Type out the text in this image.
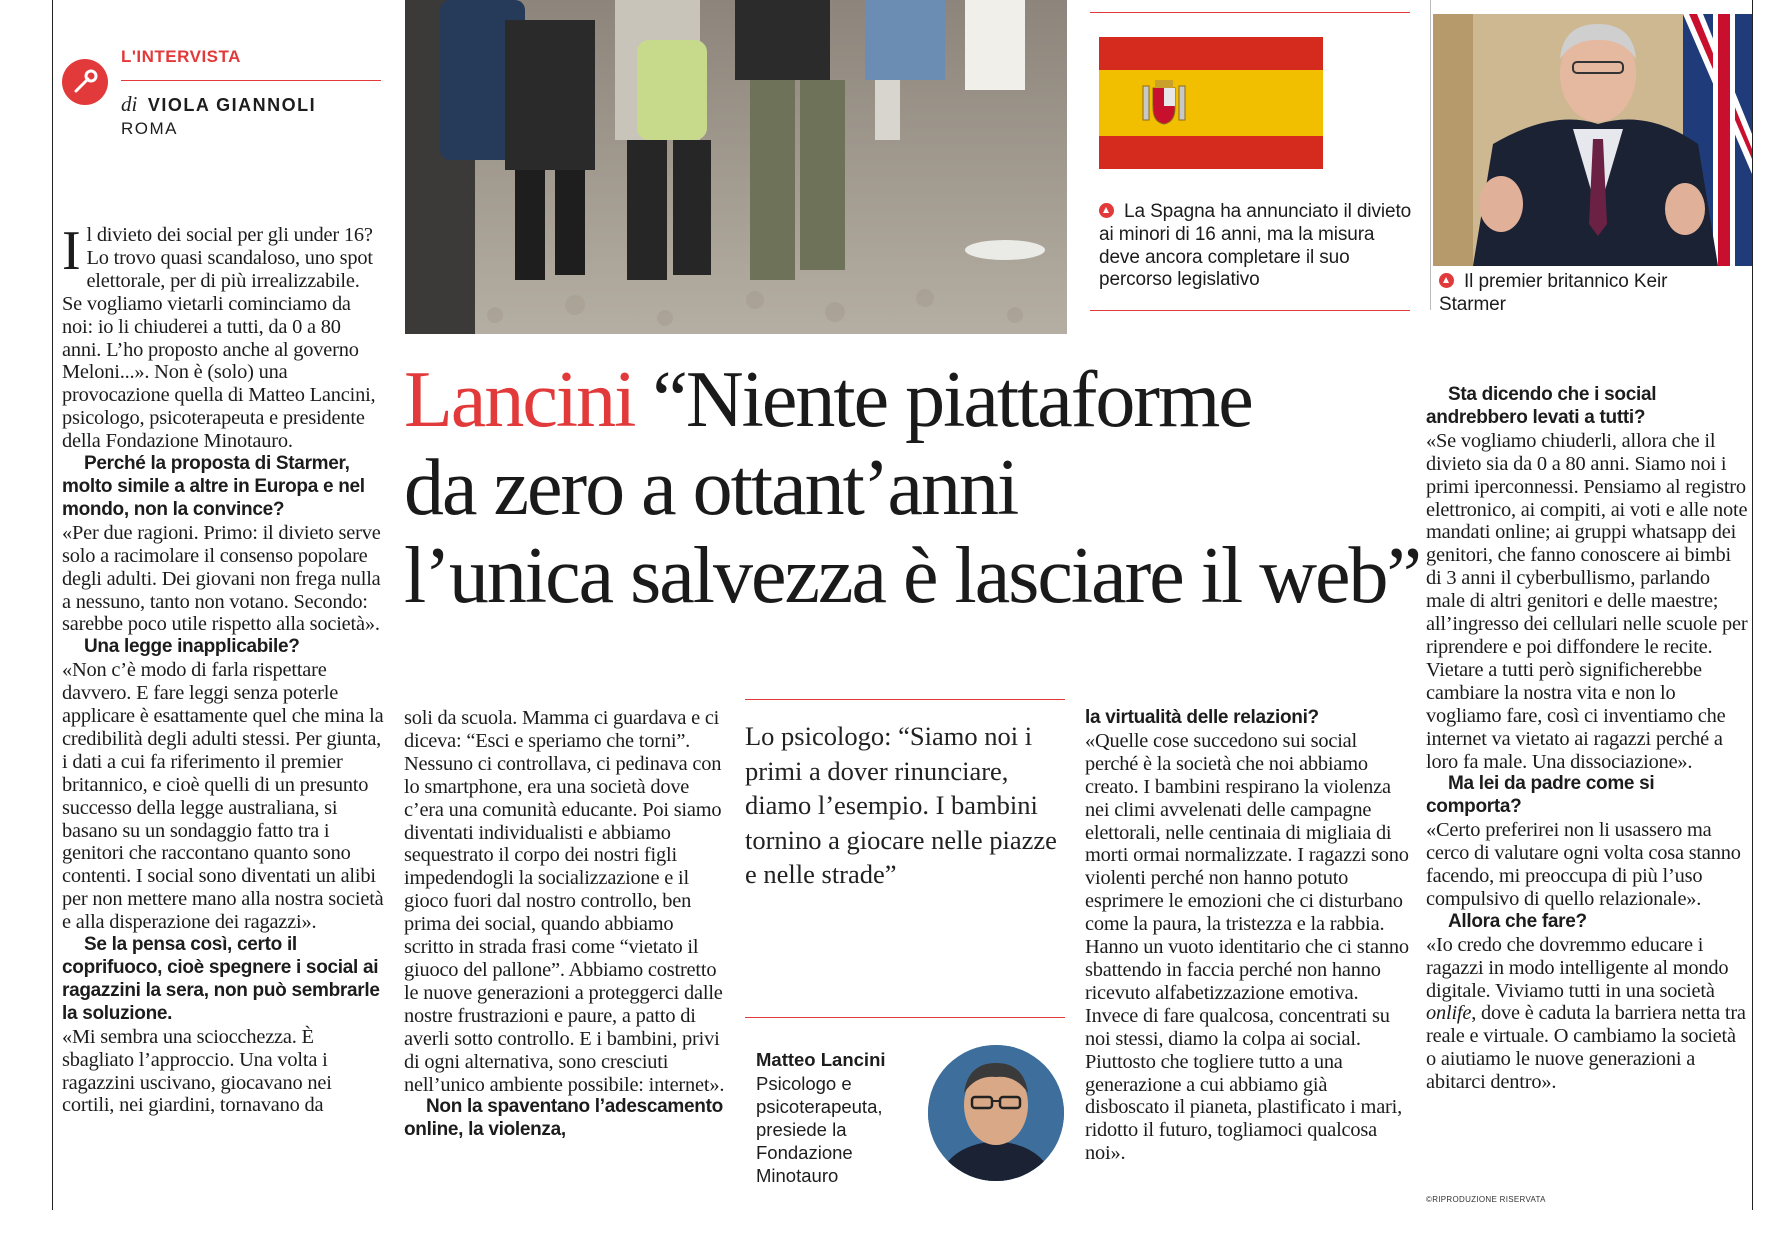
L'INTERVISTA
di VIOLA GIANNOLI
ROMA
La Spagna ha annunciato il divieto ai minori di 16 anni, ma la misura deve ancora completare il suo percorso legislativo	Il premier britannico Keir Starmer
Lancini “Niente piattaforme
da zero a ottant’anni
l’unica salvezza è lasciare il web”

Il divieto dei social per gli under 16? Lo trovo quasi scandaloso, uno spot elettorale, per di più irrealizzabile. Se vogliamo vietarli cominciamo da noi: io li chiuderei a tutti, da 0 a 80 anni. L’ho proposto anche al governo Meloni...». Non è (solo) una provocazione quella di Matteo Lancini, psicologo, psicoterapeuta e presidente della Fondazione Minotauro.

Perché la proposta di Starmer, molto simile a altre in Europa e nel mondo, non la convince?

«Per due ragioni. Primo: il divieto serve solo a racimolare il consenso popolare degli adulti. Dei giovani non frega nulla a nessuno, tanto non votano. Secondo: sarebbe poco utile rispetto alla società».

Una legge inapplicabile?

«Non c’è modo di farla rispettare davvero. E fare leggi senza poterle applicare è esattamente quel che mina la credibilità degli adulti stessi. Per giunta, i dati a cui fa riferimento il premier britannico, e cioè quelli di un presunto successo della legge australiana, si basano su un sondaggio fatto tra i genitori che raccontano quanto sono contenti. I social sono diventati un alibi per non mettere mano alla nostra società e alla disperazione dei ragazzi».

Se la pensa così, certo il coprifuoco, cioè spegnere i social ai ragazzini la sera, non può sembrarle la soluzione.

«Mi sembra una sciocchezza. È sbagliato l’approccio. Una volta i ragazzini uscivano, giocavano nei cortili, nei giardini, tornavano da

soli da scuola. Mamma ci guardava e ci diceva: “Esci e speriamo che torni”. Nessuno ci controllava, ci pedinava con lo smartphone, era una società dove c’era una comunità educante. Poi siamo diventati individualisti e abbiamo sequestrato il corpo dei nostri figli impedendogli la socializzazione e il gioco fuori dal nostro controllo, ben prima dei social, quando abbiamo scritto in strada frasi come “vietato il giuoco del pallone”. Abbiamo costretto le nuove generazioni a proteggerci dalle nostre frustrazioni e paure, a patto di averli sotto controllo. E i bambini, privi di ogni alternativa, sono cresciuti nell’unico ambiente possibile: internet».

Non la spaventano l’adescamento online, la violenza,

Lo psicologo: “Siamo noi i primi a dover rinunciare, diamo l’esempio. I bambini tornino a giocare nelle piazze e nelle strade”
Matteo Lancini
Psicologo e psicoterapeuta, presiede la Fondazione Minotauro

la virtualità delle relazioni?

«Quelle cose succedono sui social perché è la società che noi abbiamo creato. I bambini respirano la violenza nei climi avvelenati delle campagne elettorali, nelle centinaia di migliaia di morti ormai normalizzate. I ragazzi sono violenti perché non hanno potuto esprimere le emozioni che ci disturbano come la paura, la tristezza e la rabbia. Hanno un vuoto identitario che ci stanno sbattendo in faccia perché non hanno ricevuto alfabetizzazione emotiva. Invece di fare qualcosa, concentrati su noi stessi, diamo la colpa ai social. Piuttosto che togliere tutto a una generazione a cui abbiamo già disboscato il pianeta, plastificato i mari, ridotto il futuro, togliamoci qualcosa noi».

Sta dicendo che i social andrebbero levati a tutti?

«Se vogliamo chiuderli, allora che il divieto sia da 0 a 80 anni. Siamo noi i primi iperconnessi. Pensiamo al registro elettronico, ai compiti, ai voti e alle note mandati online; ai gruppi whatsapp dei genitori, che fanno conoscere ai bimbi di 3 anni il cyberbullismo, parlando male di altri genitori e delle maestre; all’ingresso dei cellulari nelle scuole per riprendere e poi diffondere le recite. Vietare a tutti però significherebbe cambiare la nostra vita e non lo vogliamo fare, così ci inventiamo che internet va vietato ai ragazzi perché a loro fa male. Una dissociazione».

Ma lei da padre come si comporta?

«Certo preferirei non li usassero ma cerco di valutare ogni volta cosa stanno facendo, mi preoccupa di più l’uso compulsivo di quello relazionale».

Allora che fare?

«Io credo che dovremmo educare i ragazzi in modo intelligente al mondo digitale. Viviamo tutti in una società onlife, dove è caduta la barriera netta tra reale e virtuale. O cambiamo la società o aiutiamo le nuove generazioni a abitarci dentro».

©RIPRODUZIONE RISERVATA
